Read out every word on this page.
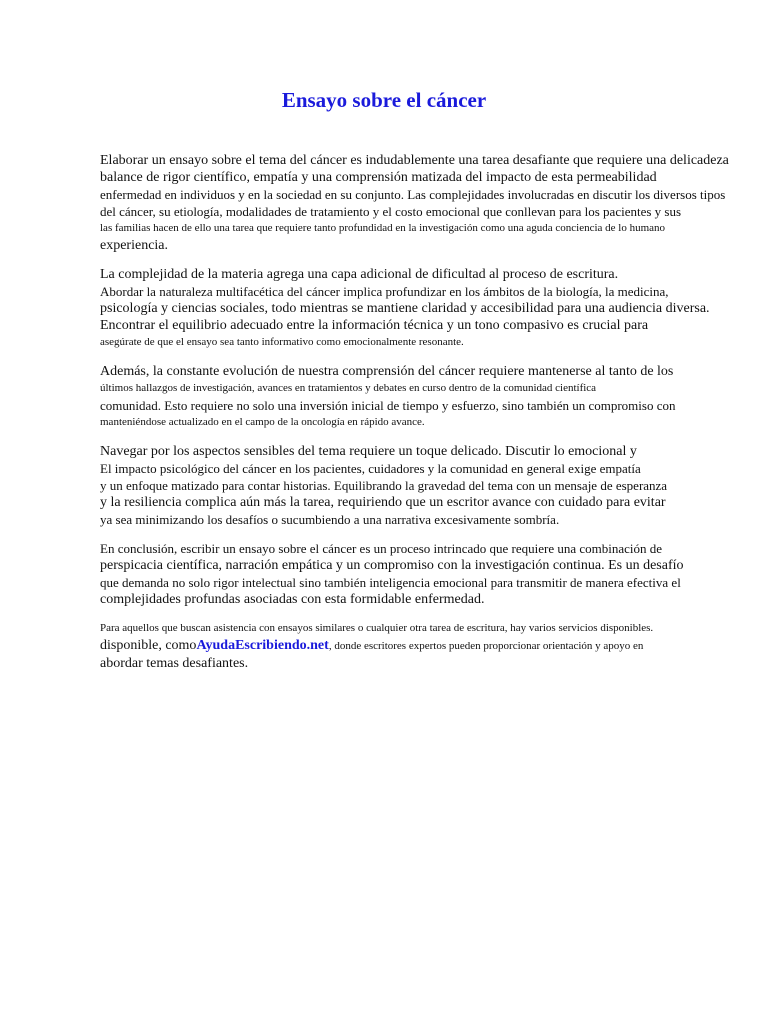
Ensayo sobre el cáncer
Elaborar un ensayo sobre el tema del cáncer es indudablemente una tarea desafiante que requiere una delicadeza
balance de rigor científico, empatía y una comprensión matizada del impacto de esta permeabilidad
enfermedad en individuos y en la sociedad en su conjunto. Las complejidades involucradas en discutir los diversos tipos
del cáncer, su etiología, modalidades de tratamiento y el costo emocional que conllevan para los pacientes y sus
las familias hacen de ello una tarea que requiere tanto profundidad en la investigación como una aguda conciencia de lo humano
experiencia.
La complejidad de la materia agrega una capa adicional de dificultad al proceso de escritura.
Abordar la naturaleza multifacética del cáncer implica profundizar en los ámbitos de la biología, la medicina,
psicología y ciencias sociales, todo mientras se mantiene claridad y accesibilidad para una audiencia diversa.
Encontrar el equilibrio adecuado entre la información técnica y un tono compasivo es crucial para
asegúrate de que el ensayo sea tanto informativo como emocionalmente resonante.
Además, la constante evolución de nuestra comprensión del cáncer requiere mantenerse al tanto de los
últimos hallazgos de investigación, avances en tratamientos y debates en curso dentro de la comunidad científica
comunidad. Esto requiere no solo una inversión inicial de tiempo y esfuerzo, sino también un compromiso con
manteniéndose actualizado en el campo de la oncología en rápido avance.
Navegar por los aspectos sensibles del tema requiere un toque delicado. Discutir lo emocional y
El impacto psicológico del cáncer en los pacientes, cuidadores y la comunidad en general exige empatía
y un enfoque matizado para contar historias. Equilibrando la gravedad del tema con un mensaje de esperanza
y la resiliencia complica aún más la tarea, requiriendo que un escritor avance con cuidado para evitar
ya sea minimizando los desafíos o sucumbiendo a una narrativa excesivamente sombría.
En conclusión, escribir un ensayo sobre el cáncer es un proceso intrincado que requiere una combinación de
perspicacia científica, narración empática y un compromiso con la investigación continua. Es un desafío
que demanda no solo rigor intelectual sino también inteligencia emocional para transmitir de manera efectiva el
complejidades profundas asociadas con esta formidable enfermedad.
Para aquellos que buscan asistencia con ensayos similares o cualquier otra tarea de escritura, hay varios servicios disponibles.
disponible, comoAyudaEscribiendo.net, donde escritores expertos pueden proporcionar orientación y apoyo en
abordar temas desafiantes.
